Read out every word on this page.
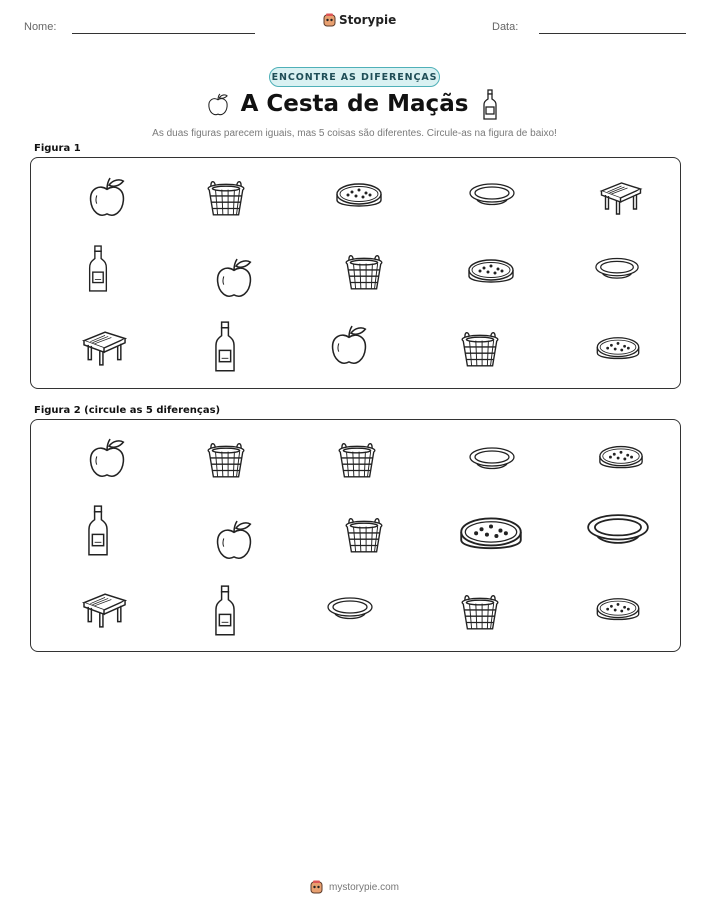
Nome:	Storypie	Data:
ENCONTRE AS DIFERENÇAS
A Cesta de Maçãs
As duas figuras parecem iguais, mas 5 coisas são diferentes. Circule-as na figura de baixo!
Figura 1
Figura 2 (circule as 5 diferenças)
mystorypie.com
